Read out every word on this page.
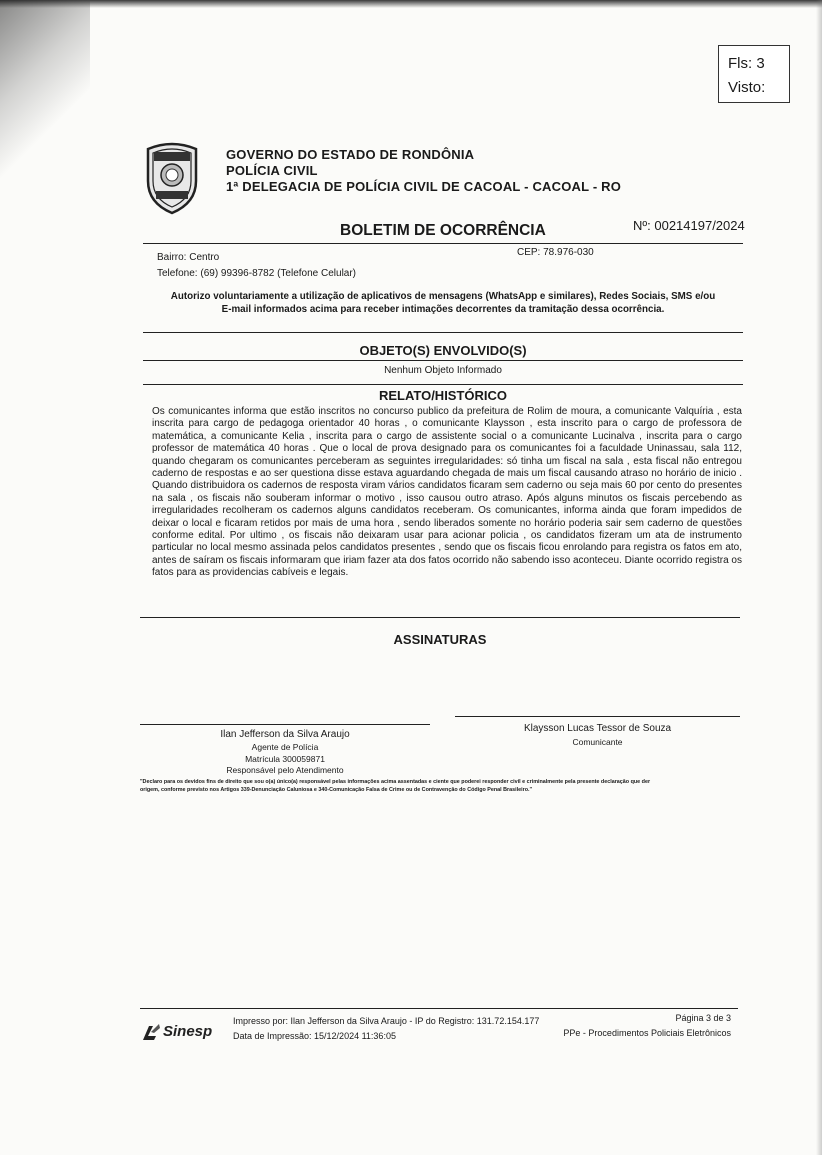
Fls: 3
Visto:
GOVERNO DO ESTADO DE RONDÔNIA
POLÍCIA CIVIL
1ª DELEGACIA DE POLÍCIA CIVIL DE CACOAL - CACOAL - RO
BOLETIM DE OCORRÊNCIA	Nº: 00214197/2024
Bairro: Centro	CEP: 78.976-030
Telefone: (69) 99396-8782 (Telefone Celular)
Autorizo voluntariamente a utilização de aplicativos de mensagens (WhatsApp e similares), Redes Sociais, SMS e/ou
E-mail informados acima para receber intimações decorrentes da tramitação dessa ocorrência.
OBJETO(S) ENVOLVIDO(S)
Nenhum Objeto Informado
RELATO/HISTÓRICO
Os comunicantes informa que estão inscritos no concurso publico da prefeitura de Rolim de moura, a comunicante Valquíria , esta inscrita para cargo de pedagoga orientador 40 horas , o comunicante Klaysson , esta inscrito para o cargo de professora de matemática, a comunicante Kelia , inscrita para o cargo de assistente social o a comunicante Lucinalva , inscrita para o cargo professor de matemática 40 horas . Que o local de prova designado para os comunicantes foi a faculdade Uninassau, sala 112, quando chegaram os comunicantes perceberam as seguintes irregularidades: só tinha um fiscal na sala , esta fiscal não entregou caderno de respostas e ao ser questiona disse estava aguardando chegada de mais um fiscal causando atraso no horário de inicio . Quando distribuidora os cadernos de resposta viram vários candidatos ficaram sem caderno ou seja mais 60 por cento do presentes na sala , os fiscais não souberam informar o motivo , isso causou outro atraso. Após alguns minutos os fiscais percebendo as irregularidades recolheram os cadernos alguns candidatos receberam. Os comunicantes, informa ainda que foram impedidos de deixar o local e ficaram retidos por mais de uma hora , sendo liberados somente no horário poderia sair sem caderno de questões conforme edital. Por ultimo , os fiscais não deixaram usar para acionar policia , os candidatos fizeram um ata de instrumento particular no local mesmo assinada pelos candidatos presentes , sendo que os fiscais ficou enrolando para registra os fatos em ato, antes de saíram os fiscais informaram que iriam fazer ata dos fatos ocorrido não sabendo isso aconteceu. Diante ocorrido registra os fatos para as providencias cabíveis e legais.
ASSINATURAS
Ilan Jefferson da Silva Araujo
Agente de Polícia
Matrícula 300059871
Responsável pelo Atendimento
Klaysson Lucas Tessor de Souza
Comunicante
"Declaro para os devidos fins de direito que sou o(a) único(a) responsável pelas informações acima assentadas e ciente que poderei responder civil e criminalmente pela presente declaração que der
origem, conforme previsto nos Artigos 339-Denunciação Caluniosa e 340-Comunicação Falsa de Crime ou de Contravenção do Código Penal Brasileiro."
Sinesp
Impresso por: Ilan Jefferson da Silva Araujo - IP do Registro: 131.72.154.177
Data de Impressão: 15/12/2024 11:36:05
Página 3 de 3
PPe - Procedimentos Policiais Eletrônicos
